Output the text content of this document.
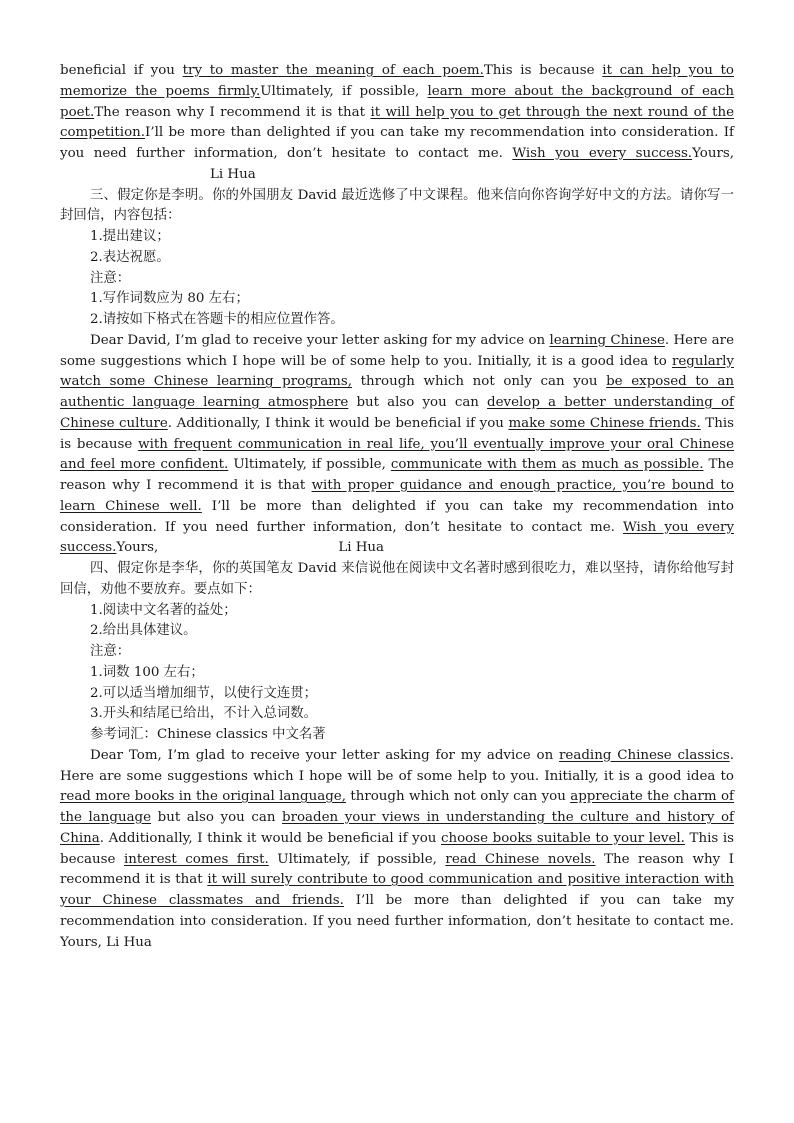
beneficial if you try to master the meaning of each poem.This is because it can help you to memorize the poems firmly.Ultimately, if possible, learn more about the background of each poet.The reason why I recommend it is that it will help you to get through the next round of the competition.I’ll be more than delighted if you can take my recommendation into consideration. If you need further information, don’t hesitate to contact me. Wish you every success.Yours,Li Hua

三、假定你是李明。你的外国朋友 David 最近选修了中文课程。他来信向你咨询学好中文的方法。请你写一封回信，内容包括：

1.提出建议；

2.表达祝愿。

注意：

1.写作词数应为 80 左右；

2.请按如下格式在答题卡的相应位置作答。

Dear David, I’m glad to receive your letter asking for my advice on learning Chinese. Here are some suggestions which I hope will be of some help to you. Initially, it is a good idea to regularly watch some Chinese learning programs, through which not only can you be exposed to an authentic language learning atmosphere but also you can develop a better understanding of Chinese culture. Additionally, I think it would be beneficial if you make some Chinese friends. This is because with frequent communication in real life, you’ll eventually improve your oral Chinese and feel more confident. Ultimately, if possible, communicate with them as much as possible. The reason why I recommend it is that with proper guidance and enough practice, you’re bound to learn Chinese well. I’ll be more than delighted if you can take my recommendation into consideration. If you need further information, don’t hesitate to contact me. Wish you every success.Yours,	Li Hua

四、假定你是李华，你的英国笔友 David 来信说他在阅读中文名著时感到很吃力，难以坚持，请你给他写封回信，劝他不要放弃。要点如下：

1.阅读中文名著的益处；

2.给出具体建议。

注意：

1.词数 100 左右；

2.可以适当增加细节，以使行文连贯；

3.开头和结尾已给出，不计入总词数。

参考词汇：Chinese classics 中文名著

Dear Tom, I’m glad to receive your letter asking for my advice on reading Chinese classics. Here are some suggestions which I hope will be of some help to you. Initially, it is a good idea to read more books in the original language, through which not only can you appreciate the charm of the language but also you can broaden your views in understanding the culture and history of China. Additionally, I think it would be beneficial if you choose books suitable to your level. This is because interest comes first. Ultimately, if possible, read Chinese novels. The reason why I recommend it is that it will surely contribute to good communication and positive interaction with your Chinese classmates and friends. I’ll be more than delighted if you can take my recommendation into consideration. If you need further information, don’t hesitate to contact me. Yours, Li Hua
